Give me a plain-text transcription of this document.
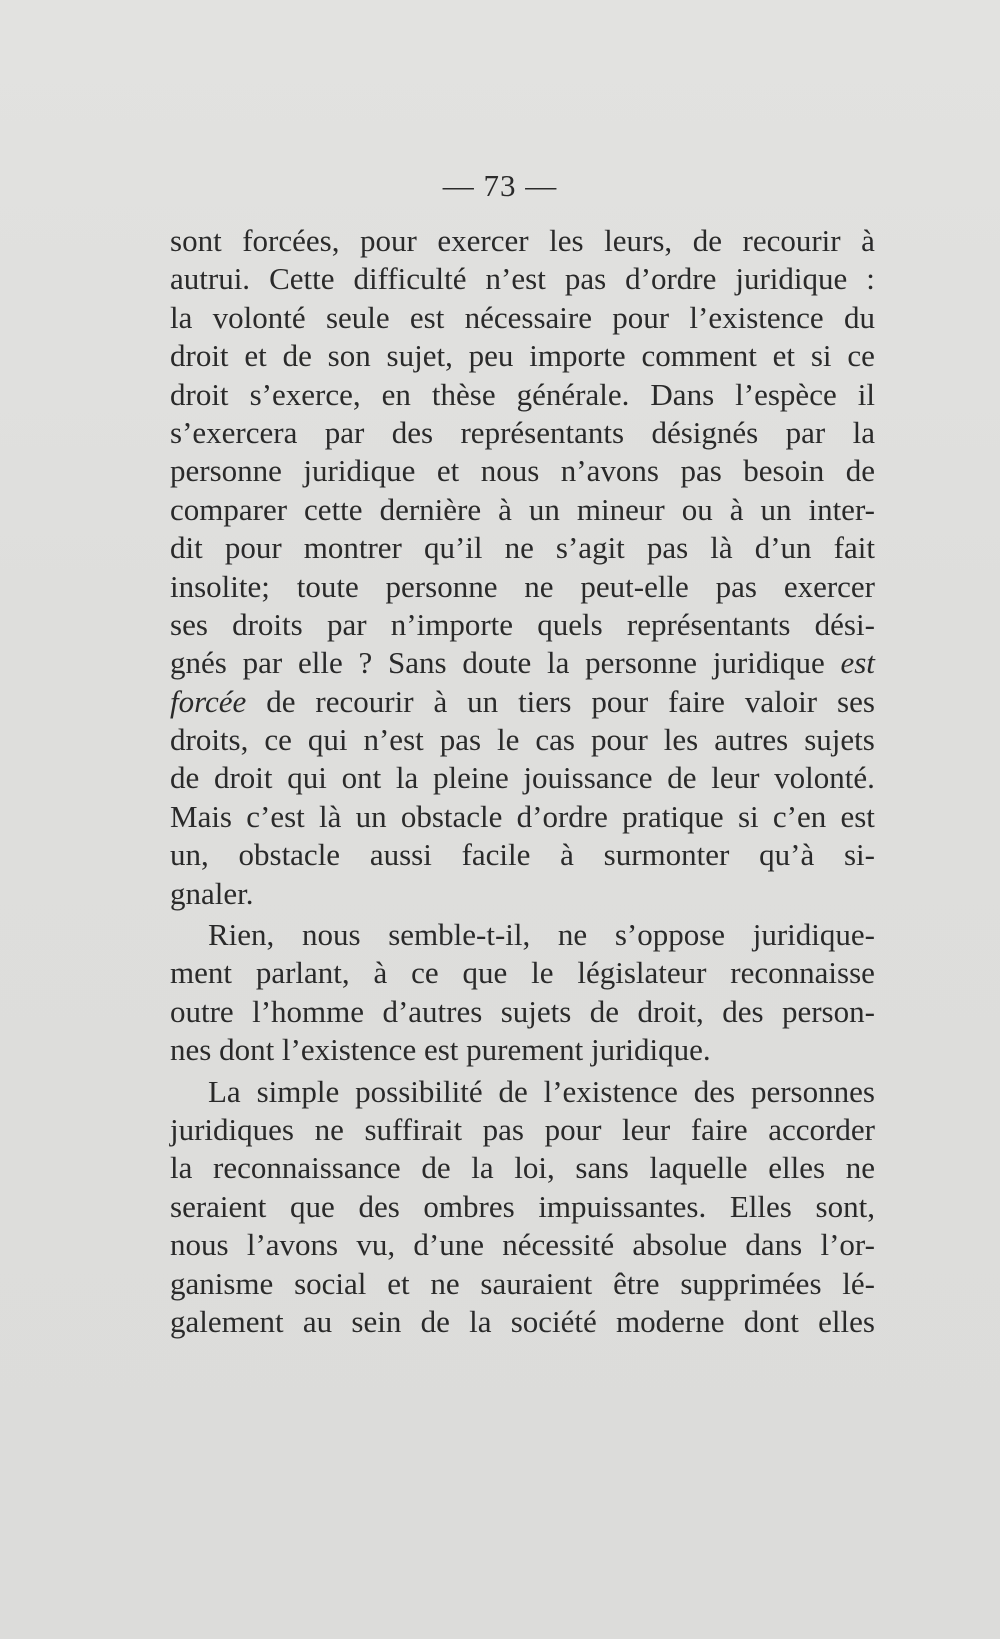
— 73 —
sont forcées, pour exercer les leurs, de recourir à
autrui. Cette difficulté n’est pas d’ordre juridique :
la volonté seule est nécessaire pour l’existence du
droit et de son sujet, peu importe comment et si ce
droit s’exerce, en thèse générale. Dans l’espèce il
s’exercera par des représentants désignés par la
personne juridique et nous n’avons pas besoin de
comparer cette dernière à un mineur ou à un inter-
dit pour montrer qu’il ne s’agit pas là d’un fait
insolite; toute personne ne peut-elle pas exercer
ses droits par n’importe quels représentants dési-
gnés par elle ? Sans doute la personne juridique est
forcée de recourir à un tiers pour faire valoir ses
droits, ce qui n’est pas le cas pour les autres sujets
de droit qui ont la pleine jouissance de leur volonté.
Mais c’est là un obstacle d’ordre pratique si c’en est
un, obstacle aussi facile à surmonter qu’à si-
gnaler.
Rien, nous semble-t-il, ne s’oppose juridique-
ment parlant, à ce que le législateur reconnaisse
outre l’homme d’autres sujets de droit, des person-
nes dont l’existence est purement juridique.
La simple possibilité de l’existence des personnes
juridiques ne suffirait pas pour leur faire accorder
la reconnaissance de la loi, sans laquelle elles ne
seraient que des ombres impuissantes. Elles sont,
nous l’avons vu, d’une nécessité absolue dans l’or-
ganisme social et ne sauraient être supprimées lé-
galement au sein de la société moderne dont elles
